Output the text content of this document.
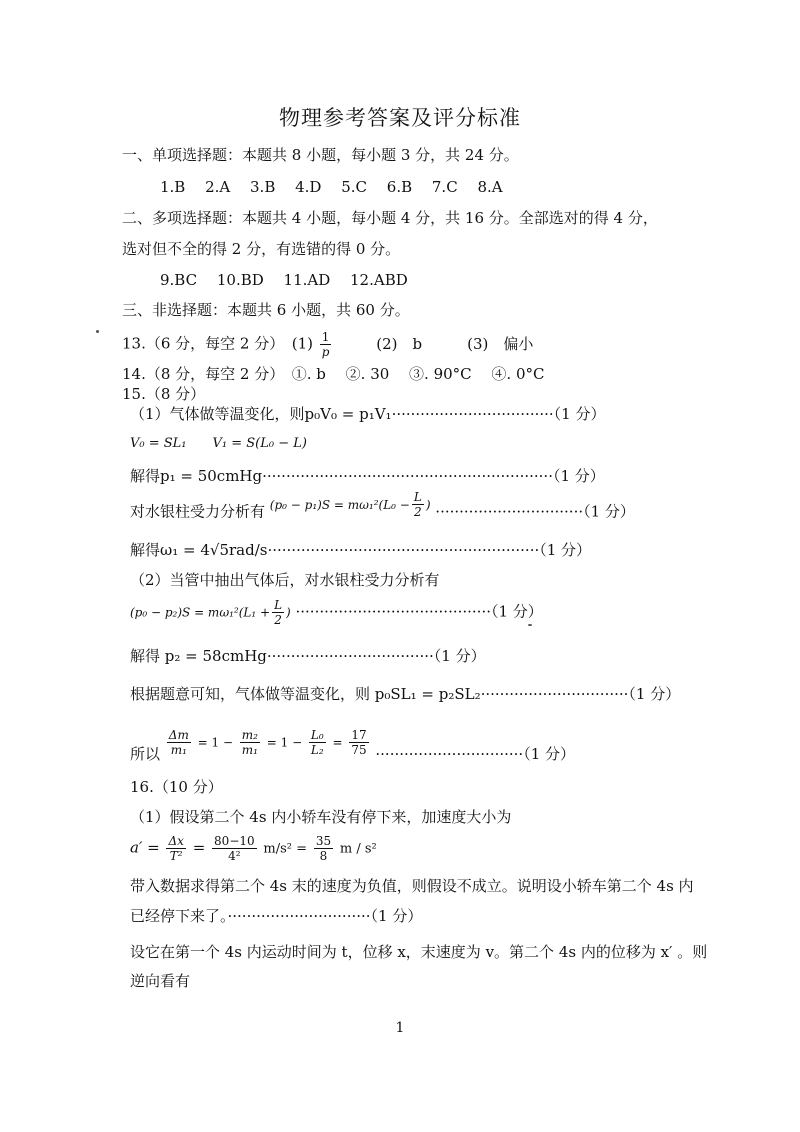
物理参考答案及评分标准
一、单项选择题：本题共 8 小题，每小题 3 分，共 24 分。
1.B　 2.A　 3.B　 4.D　 5.C　 6.B　 7.C　 8.A
二、多项选择题：本题共 4 小题，每小题 4 分，共 16 分。全部选对的得 4 分，
选对但不全的得 2 分，有选错的得 0 分。
9.BC　 10.BD　 11.AD　 12.ABD
三、非选择题：本题共 6 小题，共 60 分。
13.（6 分，每空 2 分）　$(1) \frac{1}{p}$	(2)　b　　　(3)　偏小
14.（8 分，每空 2 分）　①. b　 ②. 30　 ③. 90°C　 ④. 0°C
15.（8 分）
（1）气体做等温变化，则p₀V₀ = p₁V₁··································（1 分）
V₀ = SL₁　　V₁ = S(L₀ − L)
解得p₁ = 50cmHg·····························································（1 分）
对水银柱受力分析有 $^{(p_0 - p_1)S = m\omega_1^2(L_0 -} \frac{L}{2} ^) \cdot\cdot\cdot\cdot\cdot\cdot\cdot\cdot\cdot\cdot\cdot\cdot\cdot\cdot\cdot\cdot\cdot\cdot\cdot\cdot\cdot\cdot\cdot\cdot\cdot\cdot\cdot\cdot\cdot\cdot\cdot(1$ 分）
解得ω₁ = 4√5rad/s·························································（1 分）
（2）当管中抽出气体后，对水银柱受力分析有
$(p_0 - p_2)S = m\omega_1^2(L_1 + \frac{L}{2}$ ) ·········································（1 分）
解得 p₂ = 58cmHg···································（1 分）
根据题意可知，气体做等温变化，则 p₀SL₁ = p₂SL₂·······························（1 分）
所以 $\frac{\Delta m}{\text{m₁}} = 1 - \frac{\text{m₂}}{\text{m₁}} = 1 - \frac{\text{L₀}}{\text{L₂}} = \frac{17}{75} \cdot\cdot\cdot\cdot\cdot\cdot\cdot\cdot\cdot\cdot\cdot\cdot\cdot\cdot\cdot\cdot\cdot\cdot\cdot\cdot\cdot\cdot\cdot\cdot\cdot\cdot\cdot\cdot\cdot\cdot\cdot(1$ 分）
16.（10 分）
（1）假设第二个 4s 内小轿车没有停下来，加速度大小为
$a' = \frac{\Delta x}{\text{T²}} = \frac{80-10}{\text{4²}} m/s^2 = \frac{35}{8}$ m / s²
带入数据求得第二个 4s 末的速度为负值，则假设不成立。说明设小轿车第二个 4s 内
已经停下来了。······························（1 分）
设它在第一个 4s 内运动时间为 t，位移 x，末速度为 v。第二个 4s 内的位移为 x′ 。则
逆向看有
1
